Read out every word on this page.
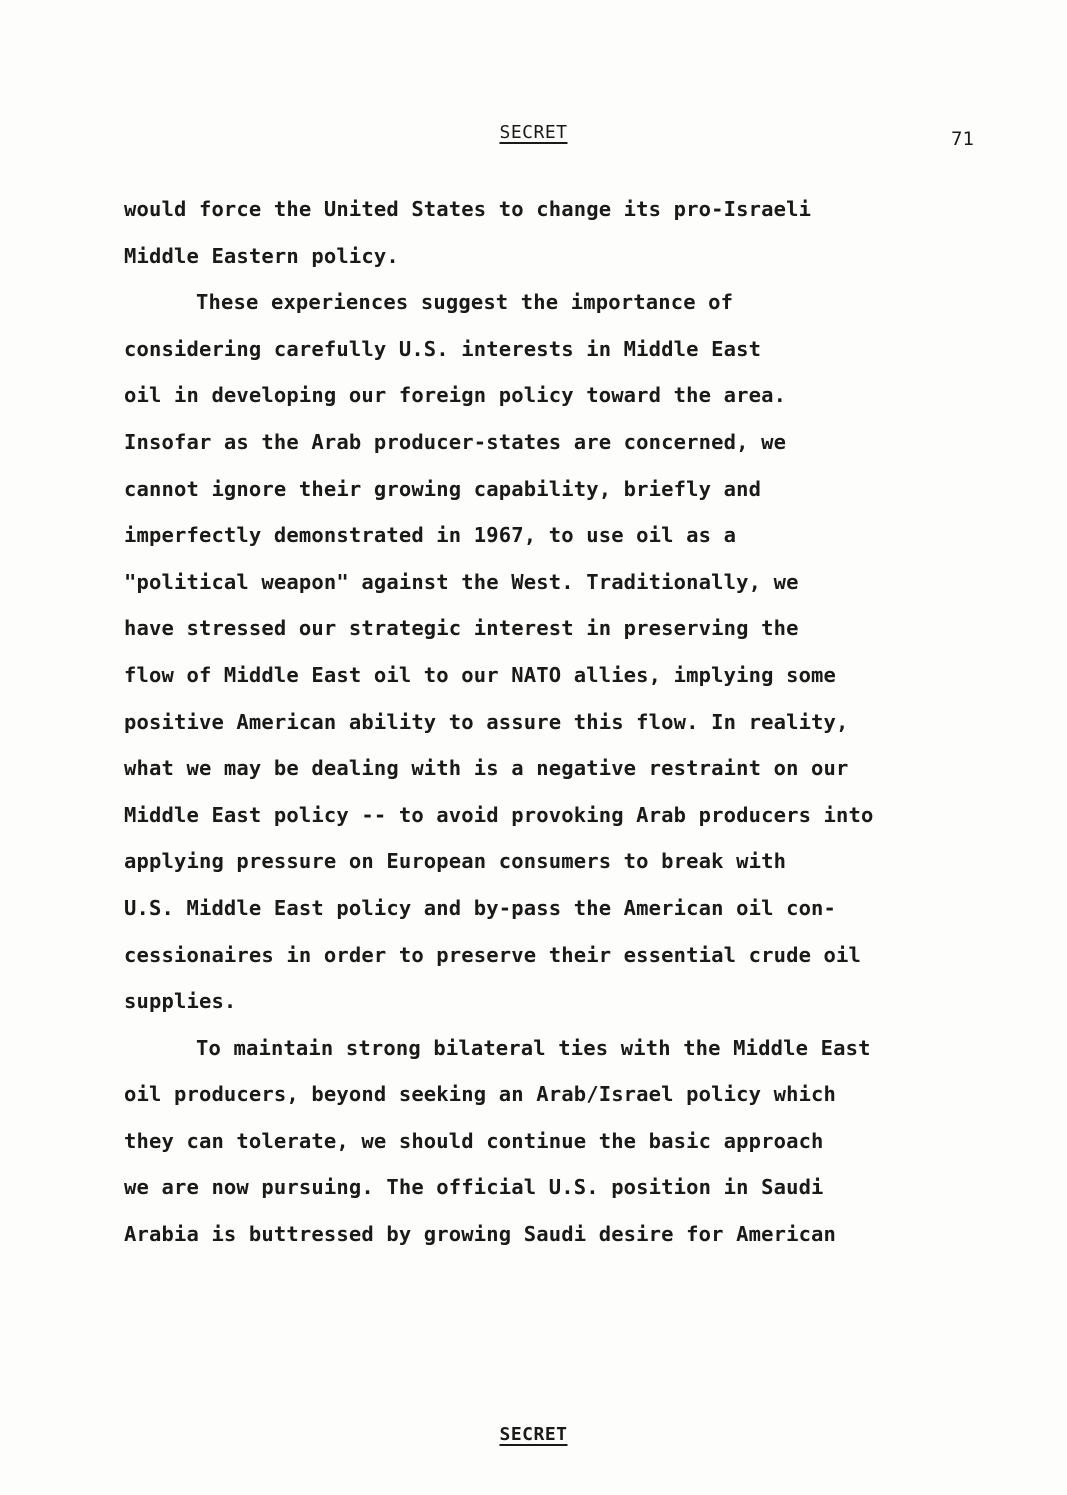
SECRET	71
would force the United States to change its pro-Israeli
Middle Eastern policy.
These experiences suggest the importance of
considering carefully U.S. interests in Middle East
oil in developing our foreign policy toward the area.
Insofar as the Arab producer-states are concerned, we
cannot ignore their growing capability, briefly and
imperfectly demonstrated in 1967, to use oil as a
"political weapon" against the West. Traditionally, we
have stressed our strategic interest in preserving the
flow of Middle East oil to our NATO allies, implying some
positive American ability to assure this flow. In reality,
what we may be dealing with is a negative restraint on our
Middle East policy -- to avoid provoking Arab producers into
applying pressure on European consumers to break with
U.S. Middle East policy and by-pass the American oil con-
cessionaires in order to preserve their essential crude oil
supplies.
To maintain strong bilateral ties with the Middle East
oil producers, beyond seeking an Arab/Israel policy which
they can tolerate, we should continue the basic approach
we are now pursuing. The official U.S. position in Saudi
Arabia is buttressed by growing Saudi desire for American
SECRET
